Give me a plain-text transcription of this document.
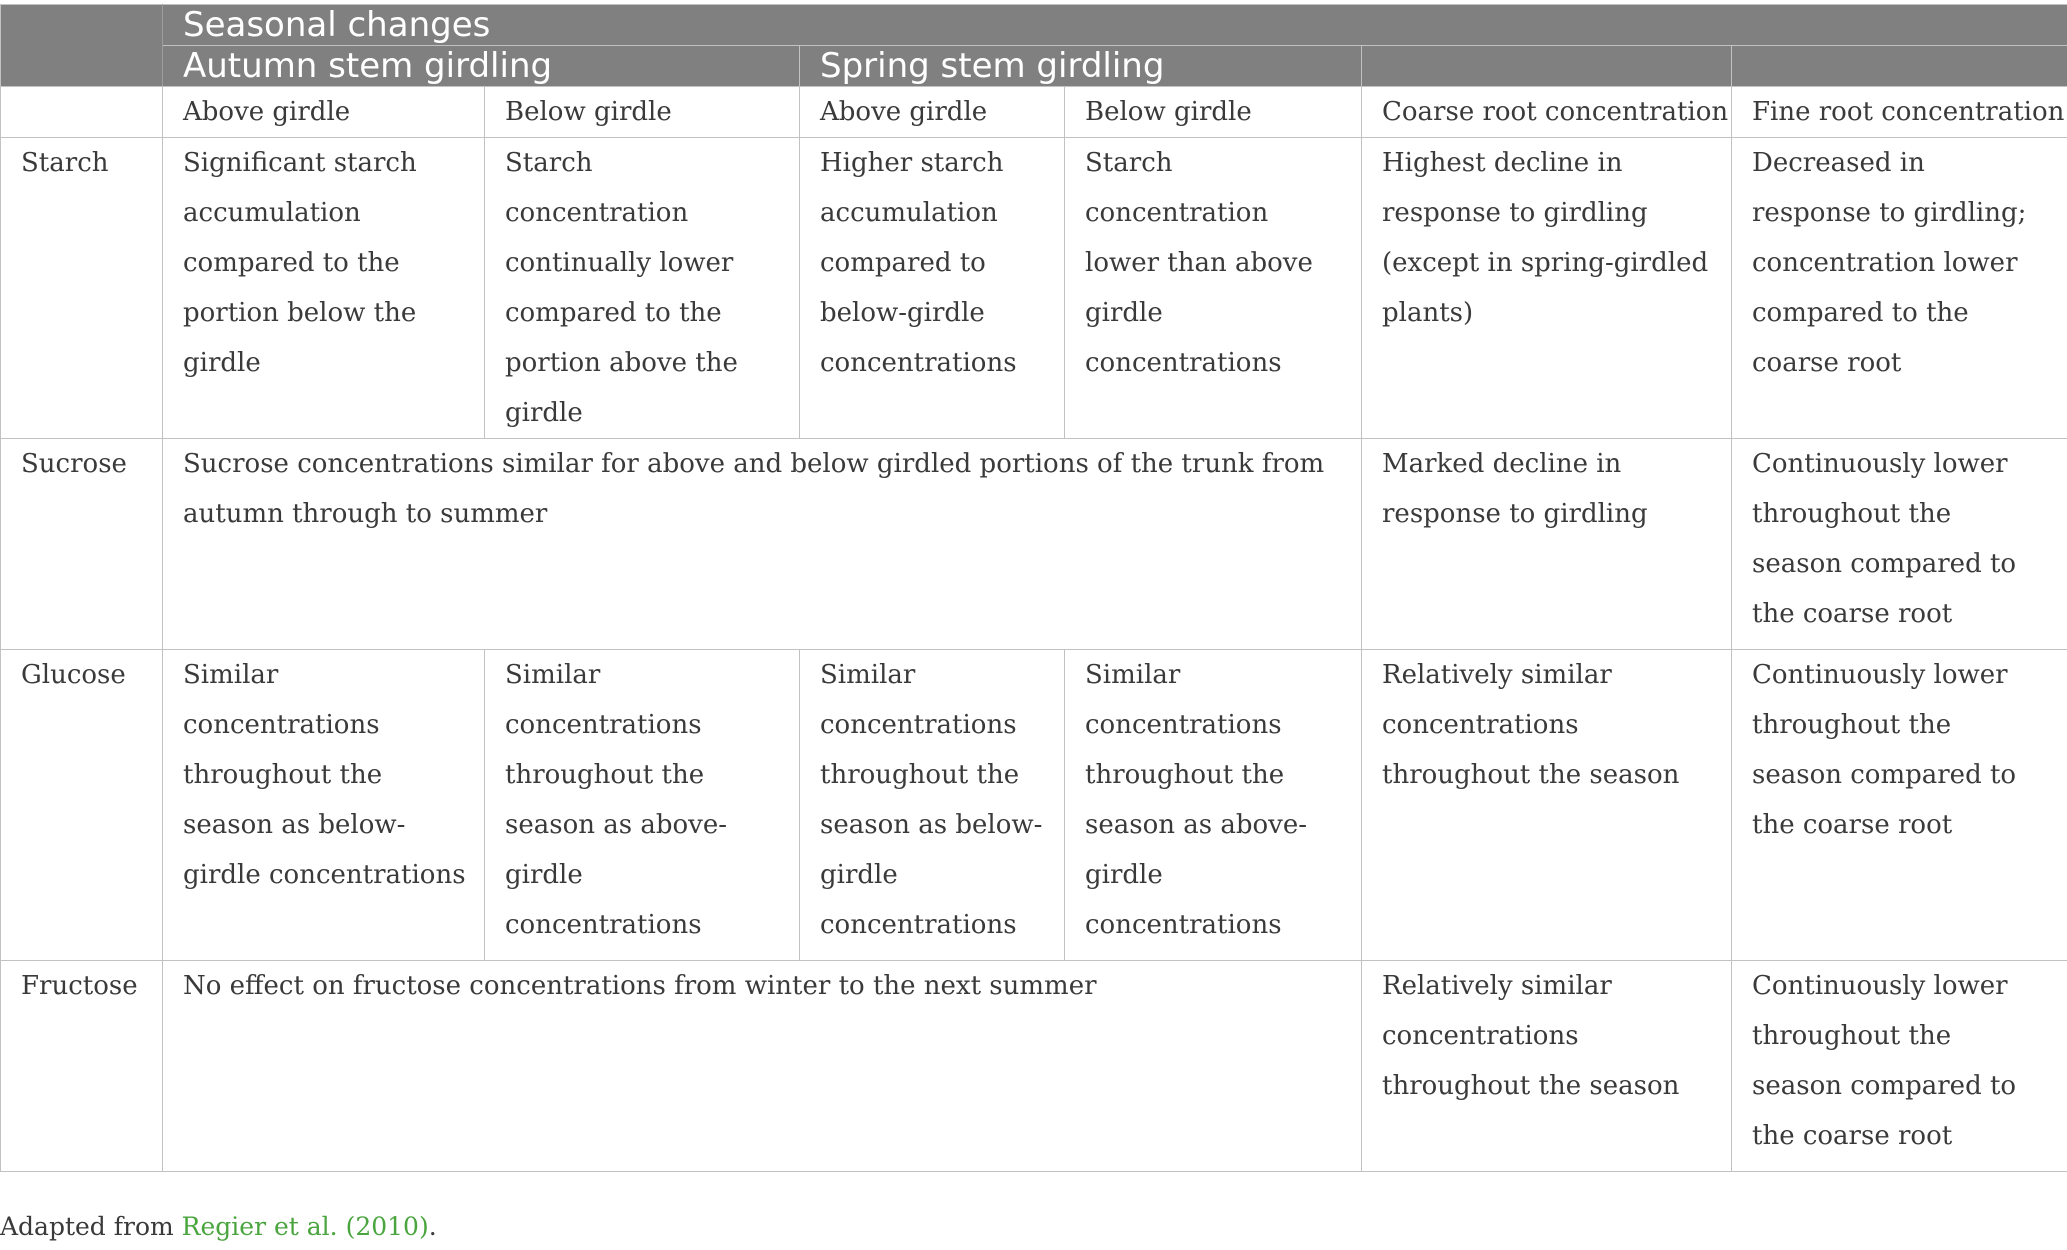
	Seasonal changes					
	Autumn stem girdling		Spring stem girdling			
	Above girdle	Below girdle	Above girdle	Below girdle	Coarse root concentration	Fine root concentration
Starch	Significant starch accumulation compared to the portion below the girdle	Starch concentration continually lower compared to the portion above the girdle	Higher starch accumulation compared to below-girdle concentrations	Starch concentration lower than above girdle concentrations	Highest decline in response to girdling (except in spring-girdled plants)	Decreased in response to girdling; concentration lower compared to the coarse root
Sucrose	Sucrose concentrations similar for above and below girdled portions of the trunk from autumn through to summer				Marked decline in response to girdling	Continuously lower throughout the season compared to the coarse root
Glucose	Similar concentrations throughout the season as below-girdle concentrations	Similar concentrations throughout the season as above-girdle concentrations	Similar concentrations throughout the season as below-girdle concentrations	Similar concentrations throughout the season as above-girdle concentrations	Relatively similar concentrations throughout the season	Continuously lower throughout the season compared to the coarse root
Fructose	No effect on fructose concentrations from winter to the next summer				Relatively similar concentrations throughout the season	Continuously lower throughout the season compared to the coarse root
Adapted from Regier et al. (2010).
